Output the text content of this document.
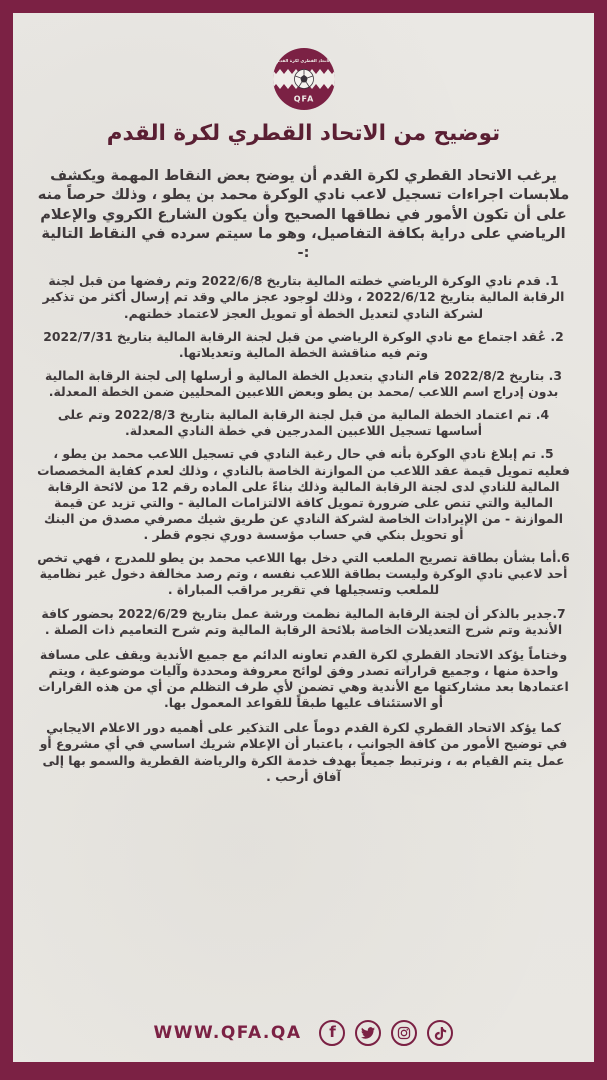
الاتحاد القطري لكرة القدم
QFA
توضيح من الاتحاد القطري لكرة القدم

يرغب الاتحاد القطري لكرة القدم أن يوضح بعض النقاط المهمة ويكشف ملابسات اجراءات تسجيل لاعب نادي الوكرة محمد بن يطو ، وذلك حرصاً منه على أن تكون الأمور في نطاقها الصحيح وأن يكون الشارع الكروي والإعلام الرياضي على دراية بكافة التفاصيل، وهو ما سيتم سرده في النقاط التالية :-

1. قدم نادي الوكرة الرياضي خطته المالية بتاريخ 2022/6/8 وتم رفضها من قبل لجنة الرقابة المالية بتاريخ 2022/6/12 ، وذلك لوجود عجز مالي وقد تم إرسال أكثر من تذكير لشركة النادي لتعديل الخطة أو تمويل العجز لاعتماد خطتهم.

2. عُقد اجتماع مع نادي الوكرة الرياضي من قبل لجنة الرقابة المالية بتاريخ 2022/7/31 وتم فيه مناقشة الخطة المالية وتعديلاتها.

3. بتاريخ 2022/8/2 قام النادي بتعديل الخطة المالية و أرسلها إلى لجنة الرقابة المالية بدون إدراج اسم اللاعب /محمد بن يطو وبعض اللاعبين المحليين ضمن الخطة المعدلة.

4. تم اعتماد الخطة المالية من قبل لجنة الرقابة المالية بتاريخ 2022/8/3 وتم على أساسها تسجيل اللاعبين المدرجين في خطة النادي المعدلة.

5. تم إبلاغ نادي الوكرة بأنه في حال رغبة النادي في تسجيل اللاعب محمد بن يطو ، فعليه تمويل قيمة عقد اللاعب من الموازنة الخاصة بالنادي ، وذلك لعدم كفاية المخصصات المالية للنادي لدى لجنة الرقابة المالية وذلك بناءً على الماده رقم 12 من لائحة الرقابة المالية والتي تنص على ضرورة تمويل كافة الالتزامات المالية - والتي تزيد عن قيمة الموازنة - من الإيرادات الخاصة لشركة النادي عن طريق شيك مصرفي مصدق من البنك أو تحويل بنكي في حساب مؤسسة دوري نجوم قطر .

6.أما بشأن بطاقة تصريح الملعب التي دخل بها اللاعب محمد بن يطو للمدرج ، فهي تخص أحد لاعبي نادي الوكرة وليست بطاقة اللاعب نفسه ، وتم رصد مخالفة دخول غير نظامية للملعب وتسجيلها في تقرير مراقب المباراة .

7.جدير بالذكر أن لجنة الرقابة المالية نظمت ورشة عمل بتاريخ 2022/6/29 بحضور كافة الأندية وتم شرح التعديلات الخاصة بلائحة الرقابة المالية وتم شرح التعاميم ذات الصلة .

وختاماً يؤكد الاتحاد القطري لكرة القدم تعاونه الدائم مع جميع الأندية ويقف على مسافة واحدة منها ، وجميع قراراته تصدر وفق لوائح معروفة ومحددة وآليات موضوعية ، ويتم اعتمادها بعد مشاركتها مع الأندية وهي تضمن لأي طرف التظلم من أي من هذه القرارات أو الاستئناف عليها طبقاً للقواعد المعمول بها.

كما يؤكد الاتحاد القطري لكرة القدم دوماً على التذكير على أهميه دور الاعلام الايجابي في توضيح الأمور من كافة الجوانب ، باعتبار أن الإعلام شريك اساسي في أي مشروع أو عمل يتم القيام به ، ونرتبط جميعاً بهدف خدمة الكرة والرياضة القطرية والسمو بها إلى آفاق أرحب .

WWW.QFA.QA f
